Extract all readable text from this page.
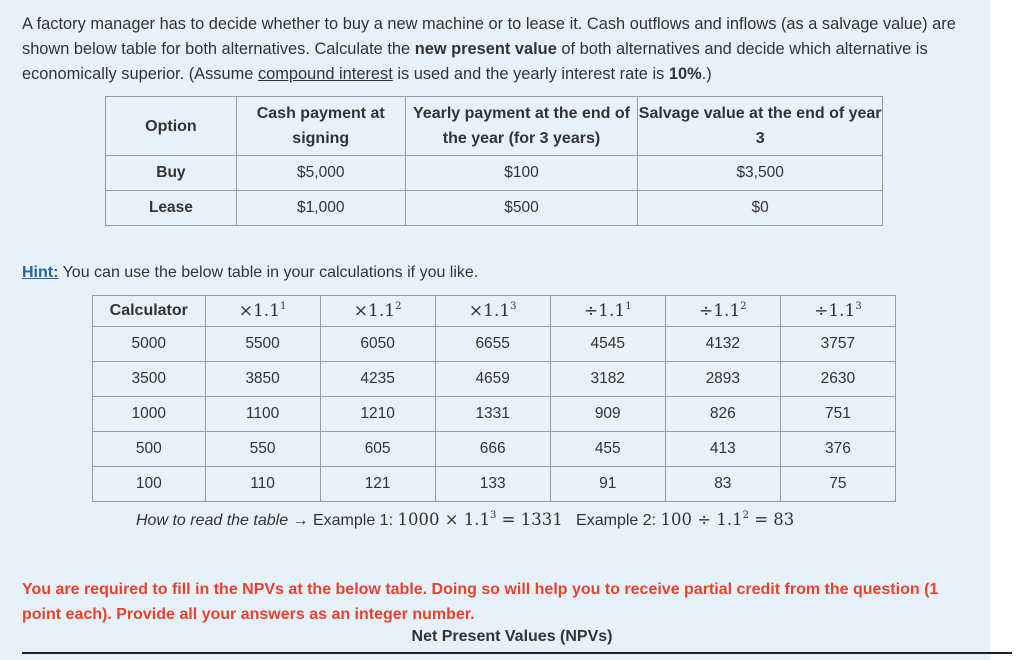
A factory manager has to decide whether to buy a new machine or to lease it. Cash outflows and inflows (as a salvage value) are shown below table for both alternatives. Calculate the new present value of both alternatives and decide which alternative is economically superior. (Assume compound interest is used and the yearly interest rate is 10%.)
Option	Cash payment at signing	Yearly payment at the end of the year (for 3 years)	Salvage value at the end of year 3
Buy	$5,000	$100	$3,500
Lease	$1,000	$500	$0
Hint: You can use the below table in your calculations if you like.
Calculator	$\times 1.1^1$	$\times 1.1^2$	$\times 1.1^3$	$\div 1.1^1$	$\div 1.1^2$	$\div 1.1^3$
5000	5500	6050	6655	4545	4132	3757
3500	3850	4235	4659	3182	2893	2630
1000	1100	1210	1331	909	826	751
500	550	605	666	455	413	376
100	110	121	133	91	83	75
How to read the table → Example 1: $1000 \times 1.1^3 = 1331$ Example 2: $100 \div 1.1^2 = 83$
You are required to fill in the NPVs at the below table. Doing so will help you to receive partial credit from the question (1 point each). Provide all your answers as an integer number.
Net Present Values (NPVs)
